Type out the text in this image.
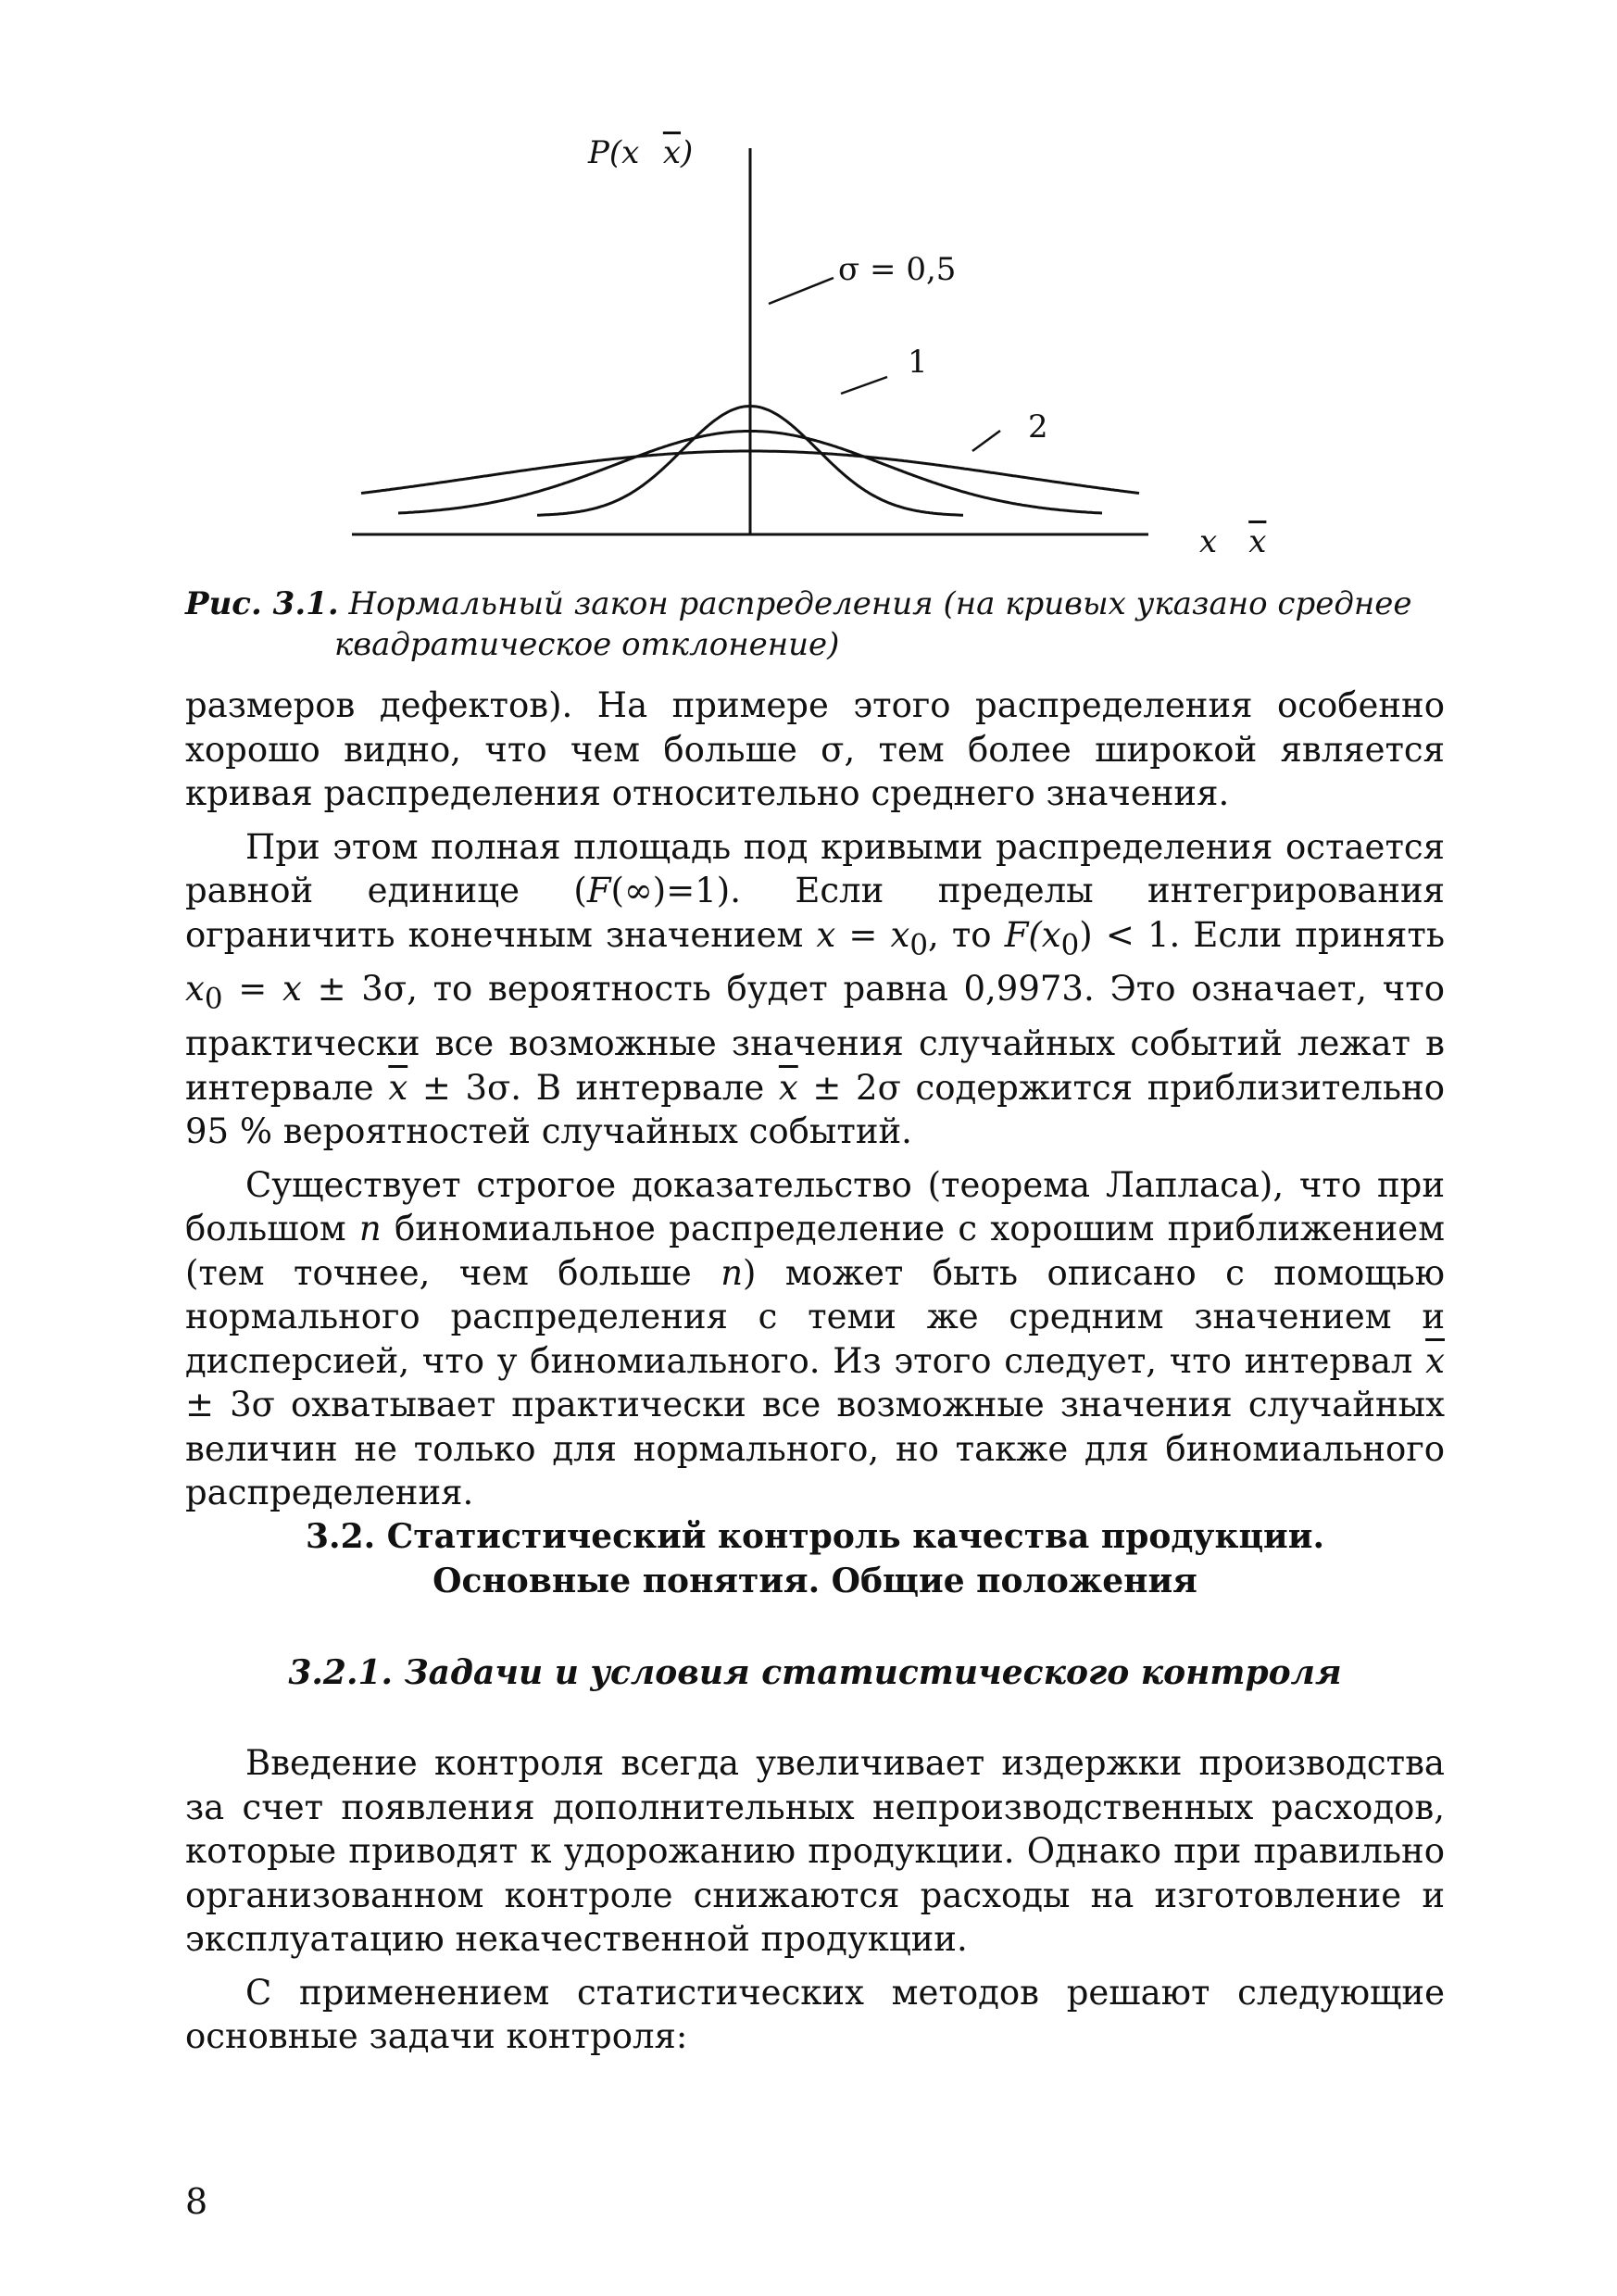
P(x    $\overline{x}$)
σ = 0,5
1
2
x  $\overline{x}$
Рис. 3.1. Нормальный закон распределения (на кривых указано среднее
квадратическое отклонение)

размеров дефектов). На примере этого распределения особенно хорошо видно, что чем больше σ, тем более широкой является кривая распределения относительно среднего значения.

При этом полная площадь под кривыми распределения остается равной единице (F(∞)=1). Если пределы интегрирования ограничить конечным значением $x = x_0$, то $F(x_0) < 1$. Если принять $x_0 = x \pm 3\sigma$, то вероятность будет равна 0,9973. Это означает, что практически все возможные значения случайных событий лежат в интервале $\overline{x} \pm 3\sigma$. В интервале $\overline{x} \pm 2\sigma$ содержится приблизительно 95 % вероятностей случайных событий.

Существует строгое доказательство (теорема Лапласа), что при большом n биномиальное распределение с хорошим приближением (тем точнее, чем больше n) может быть описано с помощью нормального распределения с теми же средним значением и дисперсией, что у биномиального. Из этого следует, что интервал $\overline{x} \pm 3\sigma$ охватывает практически все возможные значения случайных величин не только для нормального, но также для биномиального распределения.

3.2. Статистический контроль качества продукции.
Основные понятия. Общие положения
3.2.1. Задачи и условия статистического контроля

Введение контроля всегда увеличивает издержки производства за счет появления дополнительных непроизводственных расходов, которые приводят к удорожанию продукции. Однако при правильно организованном контроле снижаются расходы на изготовление и эксплуатацию некачественной продукции.

С применением статистических методов решают следующие основные задачи контроля:

8
